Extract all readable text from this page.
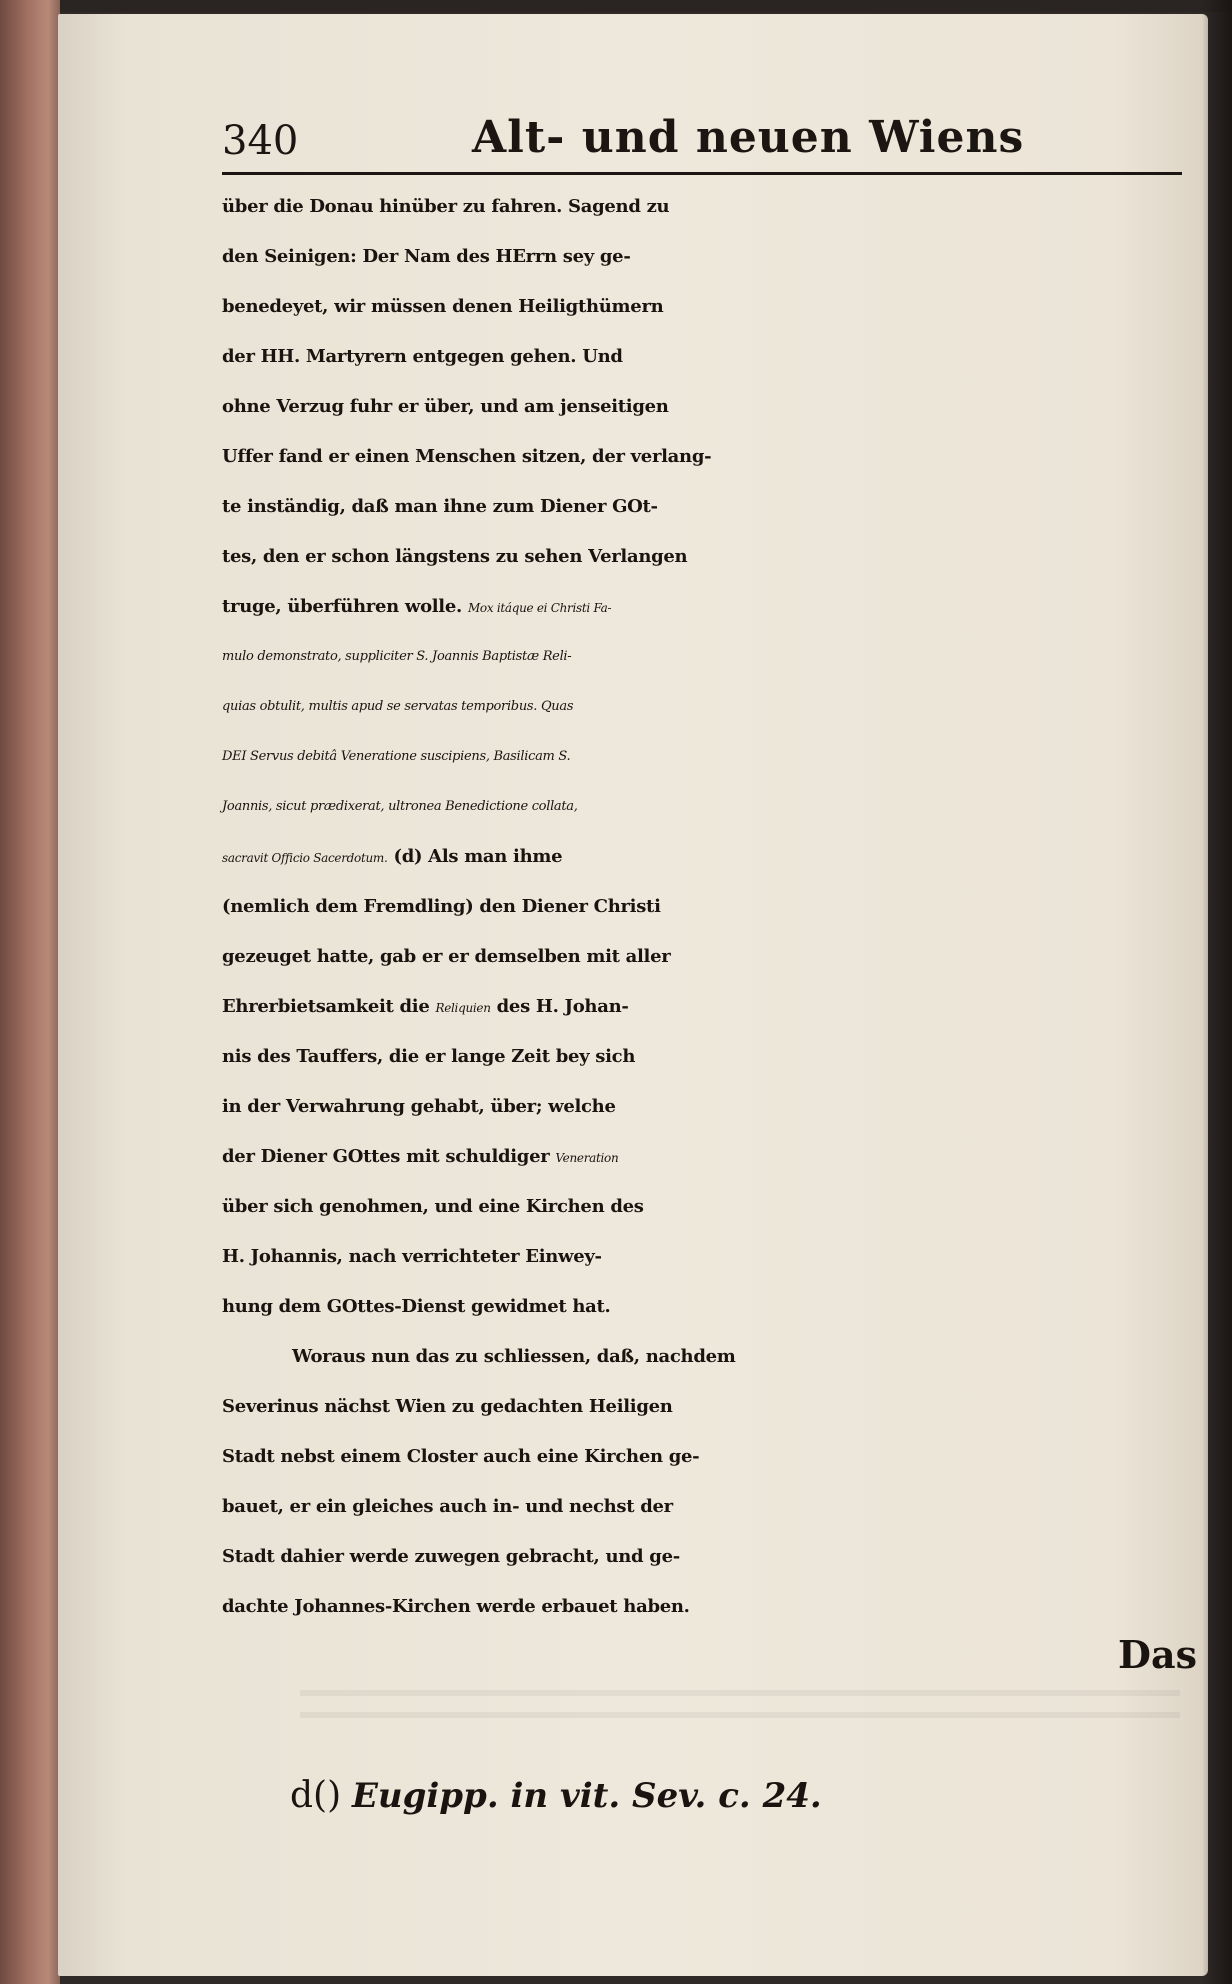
340	Alt- und neuen Wiens
über die Donau hinüber zu fahren. Sagend zu
den Seinigen: Der Nam des HErrn sey ge-
benedeyet, wir müssen denen Heiligthümern
der HH. Martyrern entgegen gehen. Und
ohne Verzug fuhr er über, und am jenseitigen
Uffer fand er einen Menschen sitzen, der verlang-
te inständig, daß man ihne zum Diener GOt-
tes, den er schon längstens zu sehen Verlangen
truge, überführen wolle. Mox itáque ei Christi Fa-
mulo demonstrato, suppliciter S. Joannis Baptistæ Reli-
quias obtulit, multis apud se servatas temporibus. Quas
DEI Servus debitâ Veneratione suscipiens, Basilicam S.
Joannis, sicut prædixerat, ultronea Benedictione collata,
sacravit Officio Sacerdotum. (d) Als man ihme
(nemlich dem Fremdling) den Diener Christi
gezeuget hatte, gab er er demselben mit aller
Ehrerbietsamkeit die Reliquien des H. Johan-
nis des Tauffers, die er lange Zeit bey sich
in der Verwahrung gehabt, über; welche
der Diener GOttes mit schuldiger Veneration
über sich genohmen, und eine Kirchen des
H. Johannis, nach verrichteter Einwey-
hung dem GOttes-Dienst gewidmet hat.
Woraus nun das zu schliessen, daß, nachdem
Severinus nächst Wien zu gedachten Heiligen
Stadt nebst einem Closter auch eine Kirchen ge-
bauet, er ein gleiches auch in- und nechst der
Stadt dahier werde zuwegen gebracht, und ge-
dachte Johannes-Kirchen werde erbauet haben.
Das
d() Eugipp. in vit. Sev. c. 24.
